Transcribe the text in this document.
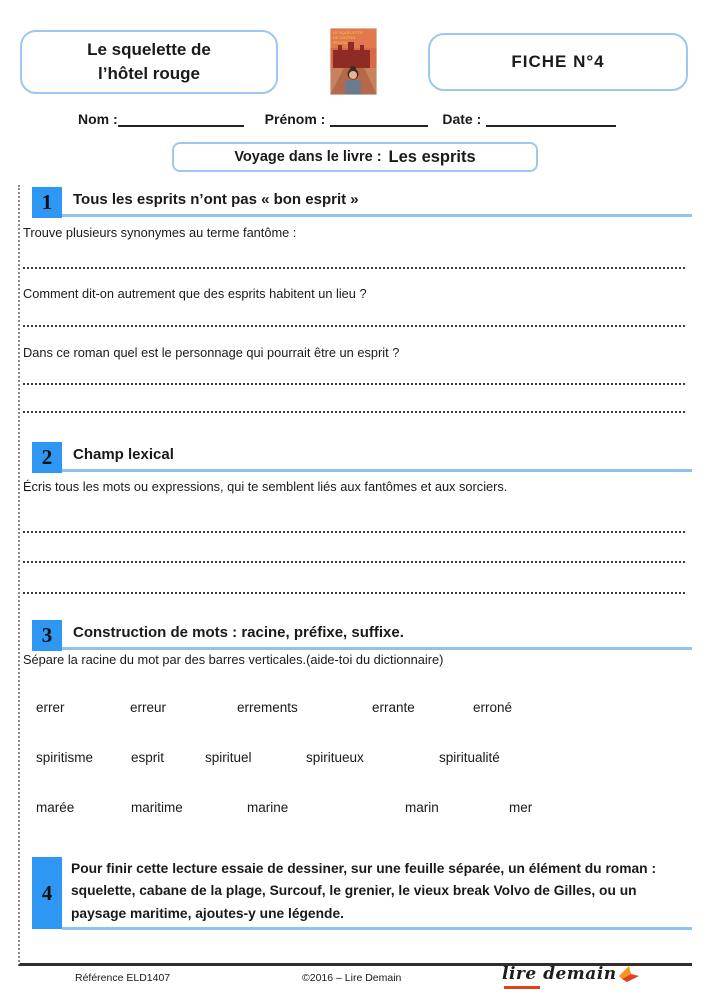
Le squelette de
l’hôtel rouge
LE SQUELETTE
DE L’HÔTEL
ROUGE
FICHE N°4
Nom :	Prénom :	Date :
Voyage dans le livre : Les esprits
1	Tous les esprits n’ont pas « bon esprit »
Trouve plusieurs synonymes au terme fantôme :
Comment dit-on autrement que des esprits habitent un lieu ?
Dans ce roman quel est le personnage qui pourrait être un esprit ?
2	Champ lexical
Écris tous les mots ou expressions, qui te semblent liés aux fantômes et aux sorciers.
3	Construction de mots : racine, préfixe, suffixe.
Sépare la racine du mot par des barres verticales.(aide-toi du dictionnaire)
errer	erreur	errements	errante	erroné
spiritisme	esprit	spirituel	spiritueux	spiritualité
marée	maritime	marine	marin	mer
4
Pour finir cette lecture essaie de dessiner, sur une feuille séparée, un élément du roman : squelette, cabane de la plage, Surcouf, le grenier, le vieux break Volvo de Gilles, ou un paysage maritime, ajoutes-y une légende.
Référence ELD1407	©2016 – Lire Demain	lire demain
